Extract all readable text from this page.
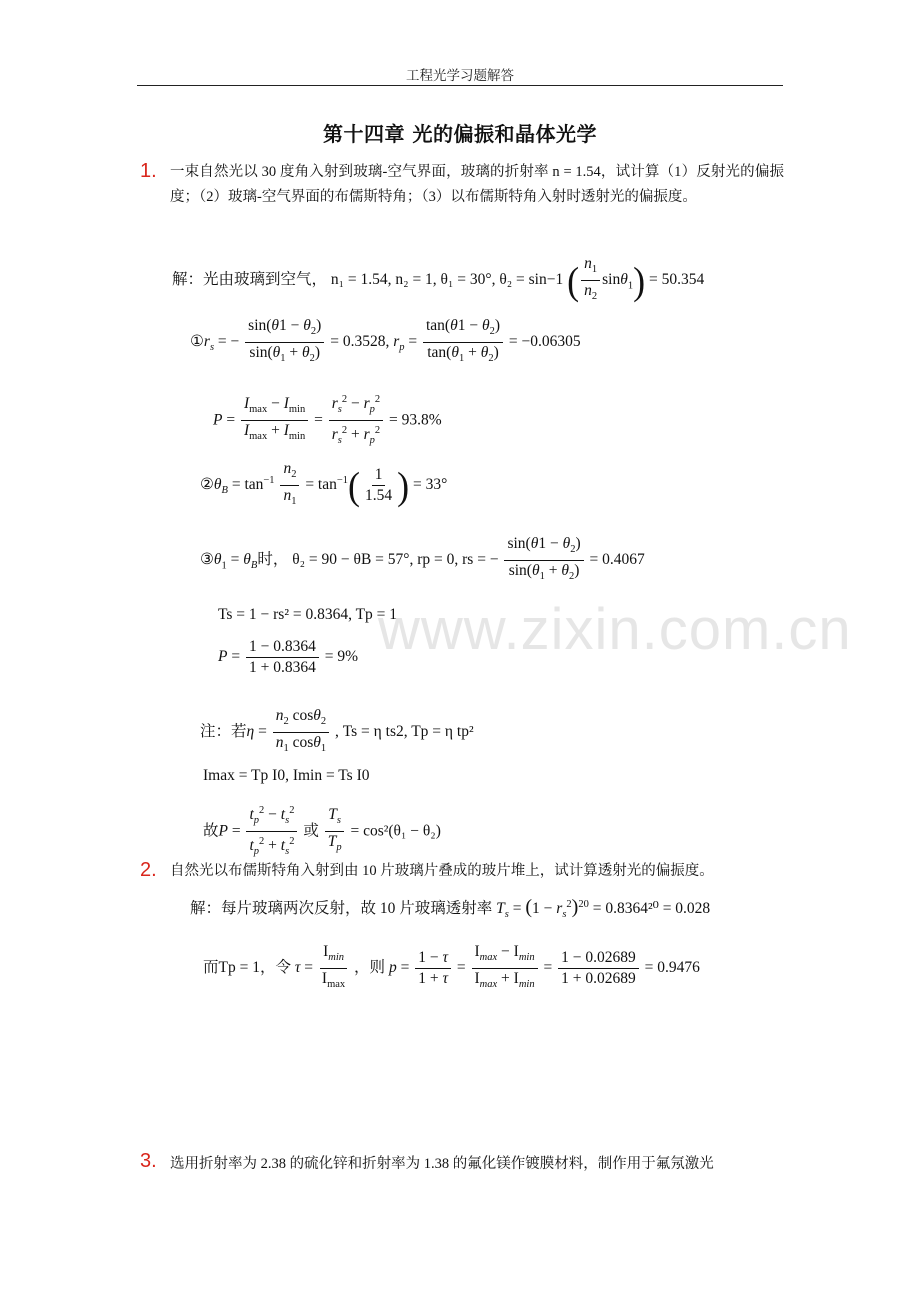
工程光学习题解答
www.zixin.com.cn
第十四章 光的偏振和晶体光学
1. 一束自然光以 30 度角入射到玻璃-空气界面，玻璃的折射率 n = 1.54，试计算（1）反射光的偏振度；（2）玻璃-空气界面的布儒斯特角；（3）以布儒斯特角入射时透射光的偏振度。
解：光由玻璃到空气， n₁ = 1.54, n₂ = 1, θ₁ = 30°, θ₂ = sin−1 ( $\frac{n_1}{n_2} \sin\theta_1) = 50.354$
$①r_s$ = − $\frac{\sin(\theta 1 - \theta_2)}{\sin(\theta_1 + \theta_2)} = 0.3528$, $r_p = \frac{\tan(\theta 1 - \theta_2)}{\tan(\theta_1 + \theta_2)} = -0.06305$
$P = \frac{I_{max} - I_{min}}{I_{max} + I_{min}} = \frac{r_s^2 - r_p^2}{r_s^2 + r_p^2} = 93.8\%$
$②\theta_B = \tan^{-1} \frac{n_2}{n_1} = \tan^{-1}( \frac{1}{1.54}$ ) = 33°
$③\theta_1 = \theta_B$时， θ₂ = 90 − θB = 57°, rp = 0, rs = − $\frac{\sin(\theta 1 - \theta_2)}{\sin(\theta_1 + \theta_2)} = 0.4067$
Ts = 1 − rs² = 0.8364, Tp = 1
$P = \frac{1 - 0.8364}{1 + 0.8364} = 9\%$
注：若$\eta = \frac{n_2 \cos\theta_2}{n_1 \cos\theta_1}$ , Ts = η ts2, Tp = η tp²
Imax = Tp I0, Imin = Ts I0
故$P = \frac{t_p^2 - t_s^2}{t_p^2 + t_s^2}$ 或 $\frac{T_s}{T_p} = \cos^2(\theta_1 - \theta_2)$
2. 自然光以布儒斯特角入射到由 10 片玻璃片叠成的玻片堆上，试计算透射光的偏振度。
解：每片玻璃两次反射，故 10 片玻璃透射率 $T_s = (1 - r_s^2)^{20} = 0.8364^{20} = 0.028$
而Tp = 1，令 $\tau = \frac{I_{min}}{I_{max}}$ ，则 $p = \frac{1 - \tau}{1 + \tau} = \frac{I_{max} - I_{min}}{I_{max} + I_{min}} = \frac{1 - 0.02689}{1 + 0.02689} = 0.9476$
3. 选用折射率为 2.38 的硫化锌和折射率为 1.38 的氟化镁作镀膜材料，制作用于氟氖激光
